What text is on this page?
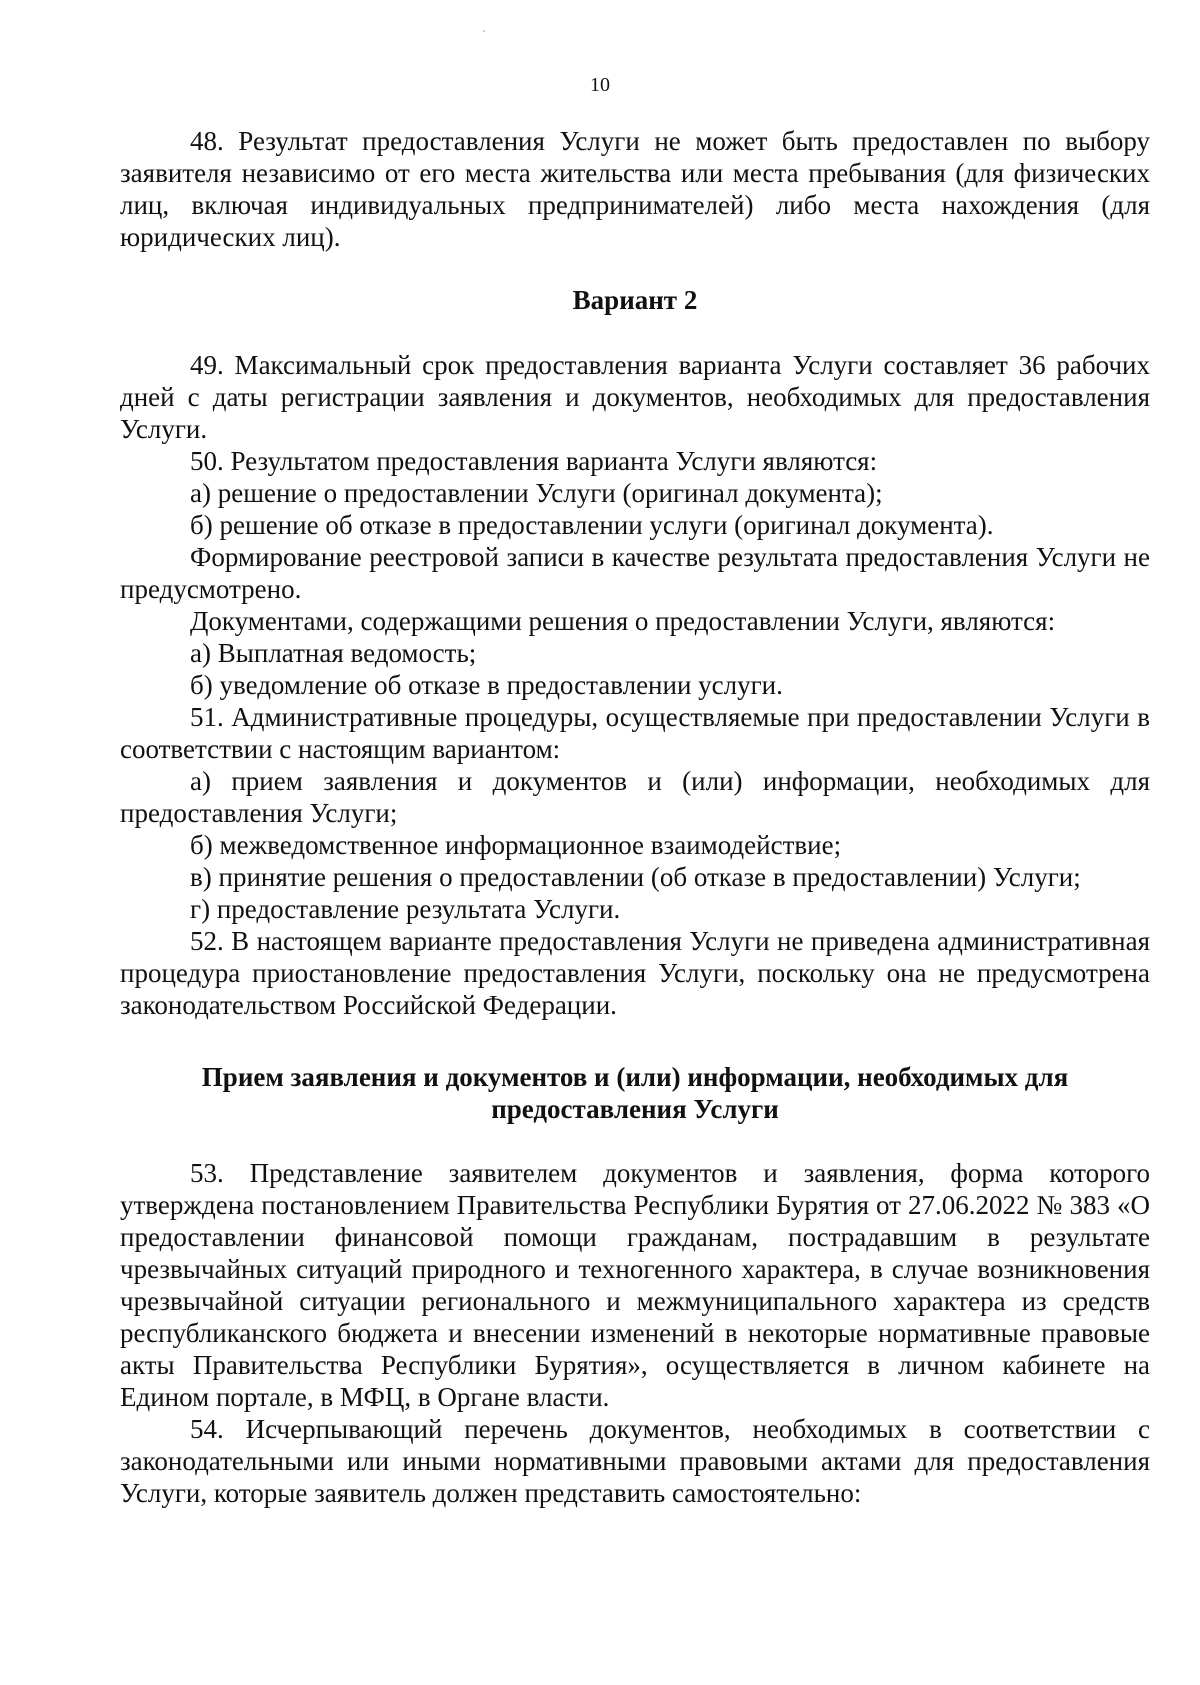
10

48. Результат предоставления Услуги не может быть предоставлен по выбору заявителя независимо от его места жительства или места пребывания (для физических лиц, включая индивидуальных предпринимателей) либо места нахождения (для юридических лиц).

Вариант 2

49. Максимальный срок предоставления варианта Услуги составляет 36 рабочих дней с даты регистрации заявления и документов, необходимых для предоставления Услуги.

50. Результатом предоставления варианта Услуги являются:

а) решение о предоставлении Услуги (оригинал документа);

б) решение об отказе в предоставлении услуги (оригинал документа).

Формирование реестровой записи в качестве результата предоставления Услуги не предусмотрено.

Документами, содержащими решения о предоставлении Услуги, являются:

а) Выплатная ведомость;

б) уведомление об отказе в предоставлении услуги.

51. Административные процедуры, осуществляемые при предоставлении Услуги в соответствии с настоящим вариантом:

а) прием заявления и документов и (или) информации, необходимых для предоставления Услуги;

б) межведомственное информационное взаимодействие;

в) принятие решения о предоставлении (об отказе в предоставлении) Услуги;

г) предоставление результата Услуги.

52. В настоящем варианте предоставления Услуги не приведена административная процедура приостановление предоставления Услуги, поскольку она не предусмотрена законодательством Российской Федерации.

Прием заявления и документов и (или) информации, необходимых для

предоставления Услуги

53. Представление заявителем документов и заявления, форма которого утверждена постановлением Правительства Республики Бурятия от 27.06.2022 № 383 «О предоставлении финансовой помощи гражданам, пострадавшим в результате чрезвычайных ситуаций природного и техногенного характера, в случае возникновения чрезвычайной ситуации регионального и межмуниципального характера из средств республиканского бюджета и внесении изменений в некоторые нормативные правовые акты Правительства Республики Бурятия», осуществляется в личном кабинете на Едином портале, в МФЦ, в Органе власти.

54. Исчерпывающий перечень документов, необходимых в соответствии с законодательными или иными нормативными правовыми актами для предоставления Услуги, которые заявитель должен представить самостоятельно:
